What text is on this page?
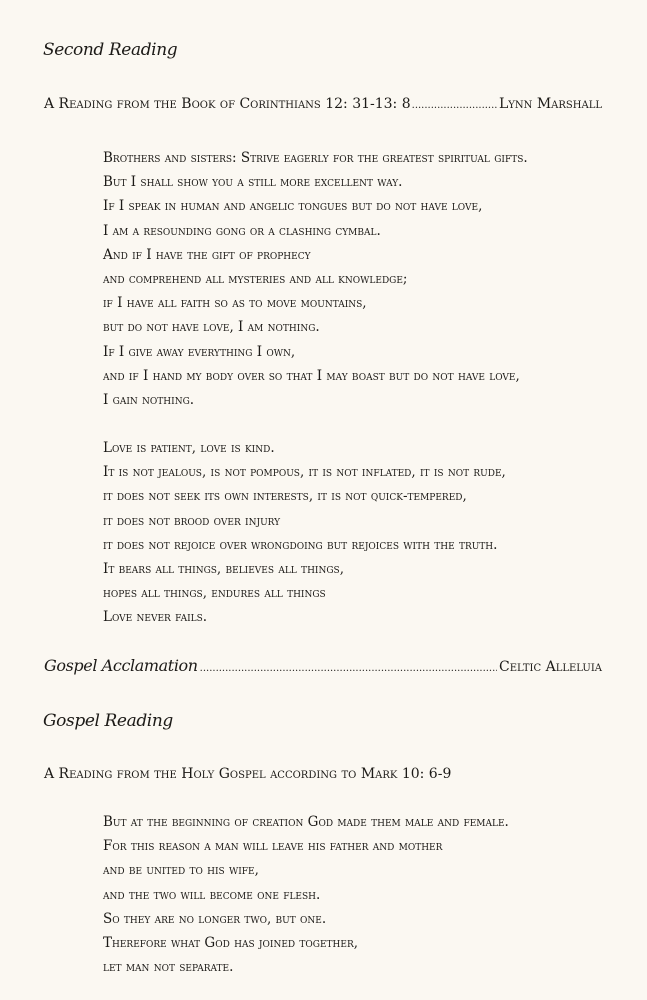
Second Reading
A Reading from the Book of Corinthians 12: 31-13: 8 .....	Lynn Marshall
Brothers and sisters: Strive eagerly for the greatest spiritual gifts.
But I shall show you a still more excellent way.
If I speak in human and angelic tongues but do not have love,
I am a resounding gong or a clashing cymbal.
And if I have the gift of prophecy
and comprehend all mysteries and all knowledge;
if I have all faith so as to move mountains,
but do not have love, I am nothing.
If I give away everything I own,
and if I hand my body over so that I may boast but do not have love,
I gain nothing.
Love is patient, love is kind.
It is not jealous, is not pompous, it is not inflated, it is not rude,
it does not seek its own interests, it is not quick-tempered,
it does not brood over injury
it does not rejoice over wrongdoing but rejoices with the truth.
It bears all things, believes all things,
hopes all things, endures all things
Love never fails.
Gospel Acclamation .....	Celtic Alleluia
Gospel Reading

A Reading from the Holy Gospel according to Mark 10: 6-9

But at the beginning of creation God made them male and female.
For this reason a man will leave his father and mother
and be united to his wife,
and the two will become one flesh.
So they are no longer two, but one.
Therefore what God has joined together,
let man not separate.
